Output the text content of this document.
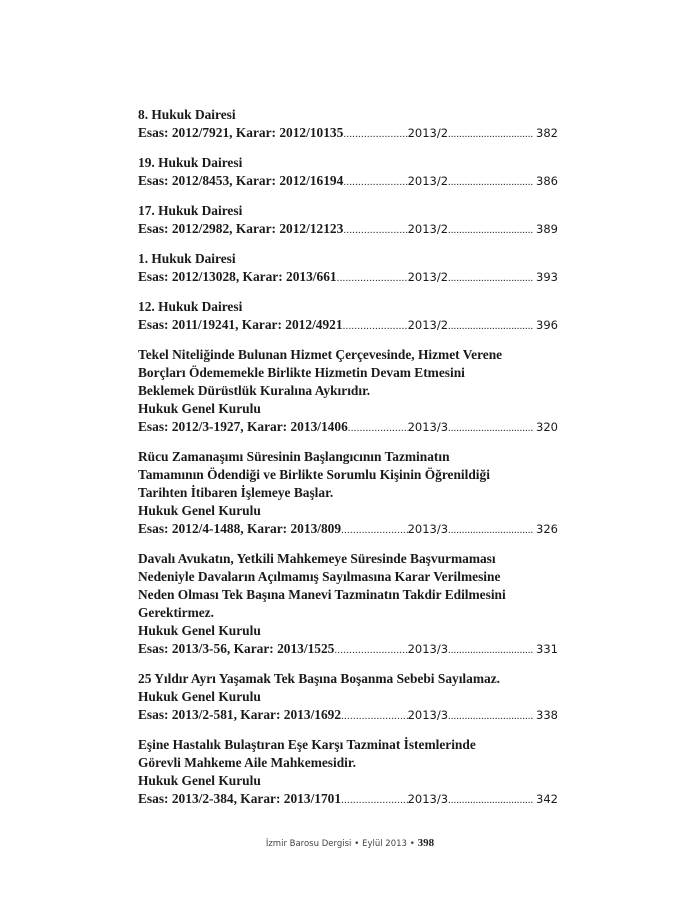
8. Hukuk Dairesi
Esas: 2012/7921, Karar: 2012/10135 .....	2013/2 .....	382
19. Hukuk Dairesi
Esas: 2012/8453, Karar: 2012/16194 .....	2013/2 .....	386
17. Hukuk Dairesi
Esas: 2012/2982, Karar: 2012/12123 .....	2013/2 .....	389
1. Hukuk Dairesi
Esas: 2012/13028, Karar: 2013/661 .....	2013/2 .....	393
12. Hukuk Dairesi
Esas: 2011/19241, Karar: 2012/4921 .....	2013/2 .....	396
Tekel Niteliğinde Bulunan Hizmet Çerçevesinde, Hizmet Verene
Borçları Ödememekle Birlikte Hizmetin Devam Etmesini
Beklemek Dürüstlük Kuralına Aykırıdır.
Hukuk Genel Kurulu
Esas: 2012/3-1927, Karar: 2013/1406 .....	2013/3 .....	320
Rücu Zamanaşımı Süresinin Başlangıcının Tazminatın
Tamamının Ödendiği ve Birlikte Sorumlu Kişinin Öğrenildiği
Tarihten İtibaren İşlemeye Başlar.
Hukuk Genel Kurulu
Esas: 2012/4-1488, Karar: 2013/809 .....	2013/3 .....	326
Davalı Avukatın, Yetkili Mahkemeye Süresinde Başvurmaması
Nedeniyle Davaların Açılmamış Sayılmasına Karar Verilmesine
Neden Olması Tek Başına Manevi Tazminatın Takdir Edilmesini
Gerektirmez.
Hukuk Genel Kurulu
Esas: 2013/3-56, Karar: 2013/1525 .....	2013/3 .....	331
25 Yıldır Ayrı Yaşamak Tek Başına Boşanma Sebebi Sayılamaz.
Hukuk Genel Kurulu
Esas: 2013/2-581, Karar: 2013/1692 .....	2013/3 .....	338
Eşine Hastalık Bulaştıran Eşe Karşı Tazminat İstemlerinde
Görevli Mahkeme Aile Mahkemesidir.
Hukuk Genel Kurulu
Esas: 2013/2-384, Karar: 2013/1701 .....	2013/3 .....	342
İzmir Barosu Dergisi • Eylül 2013 • 398
